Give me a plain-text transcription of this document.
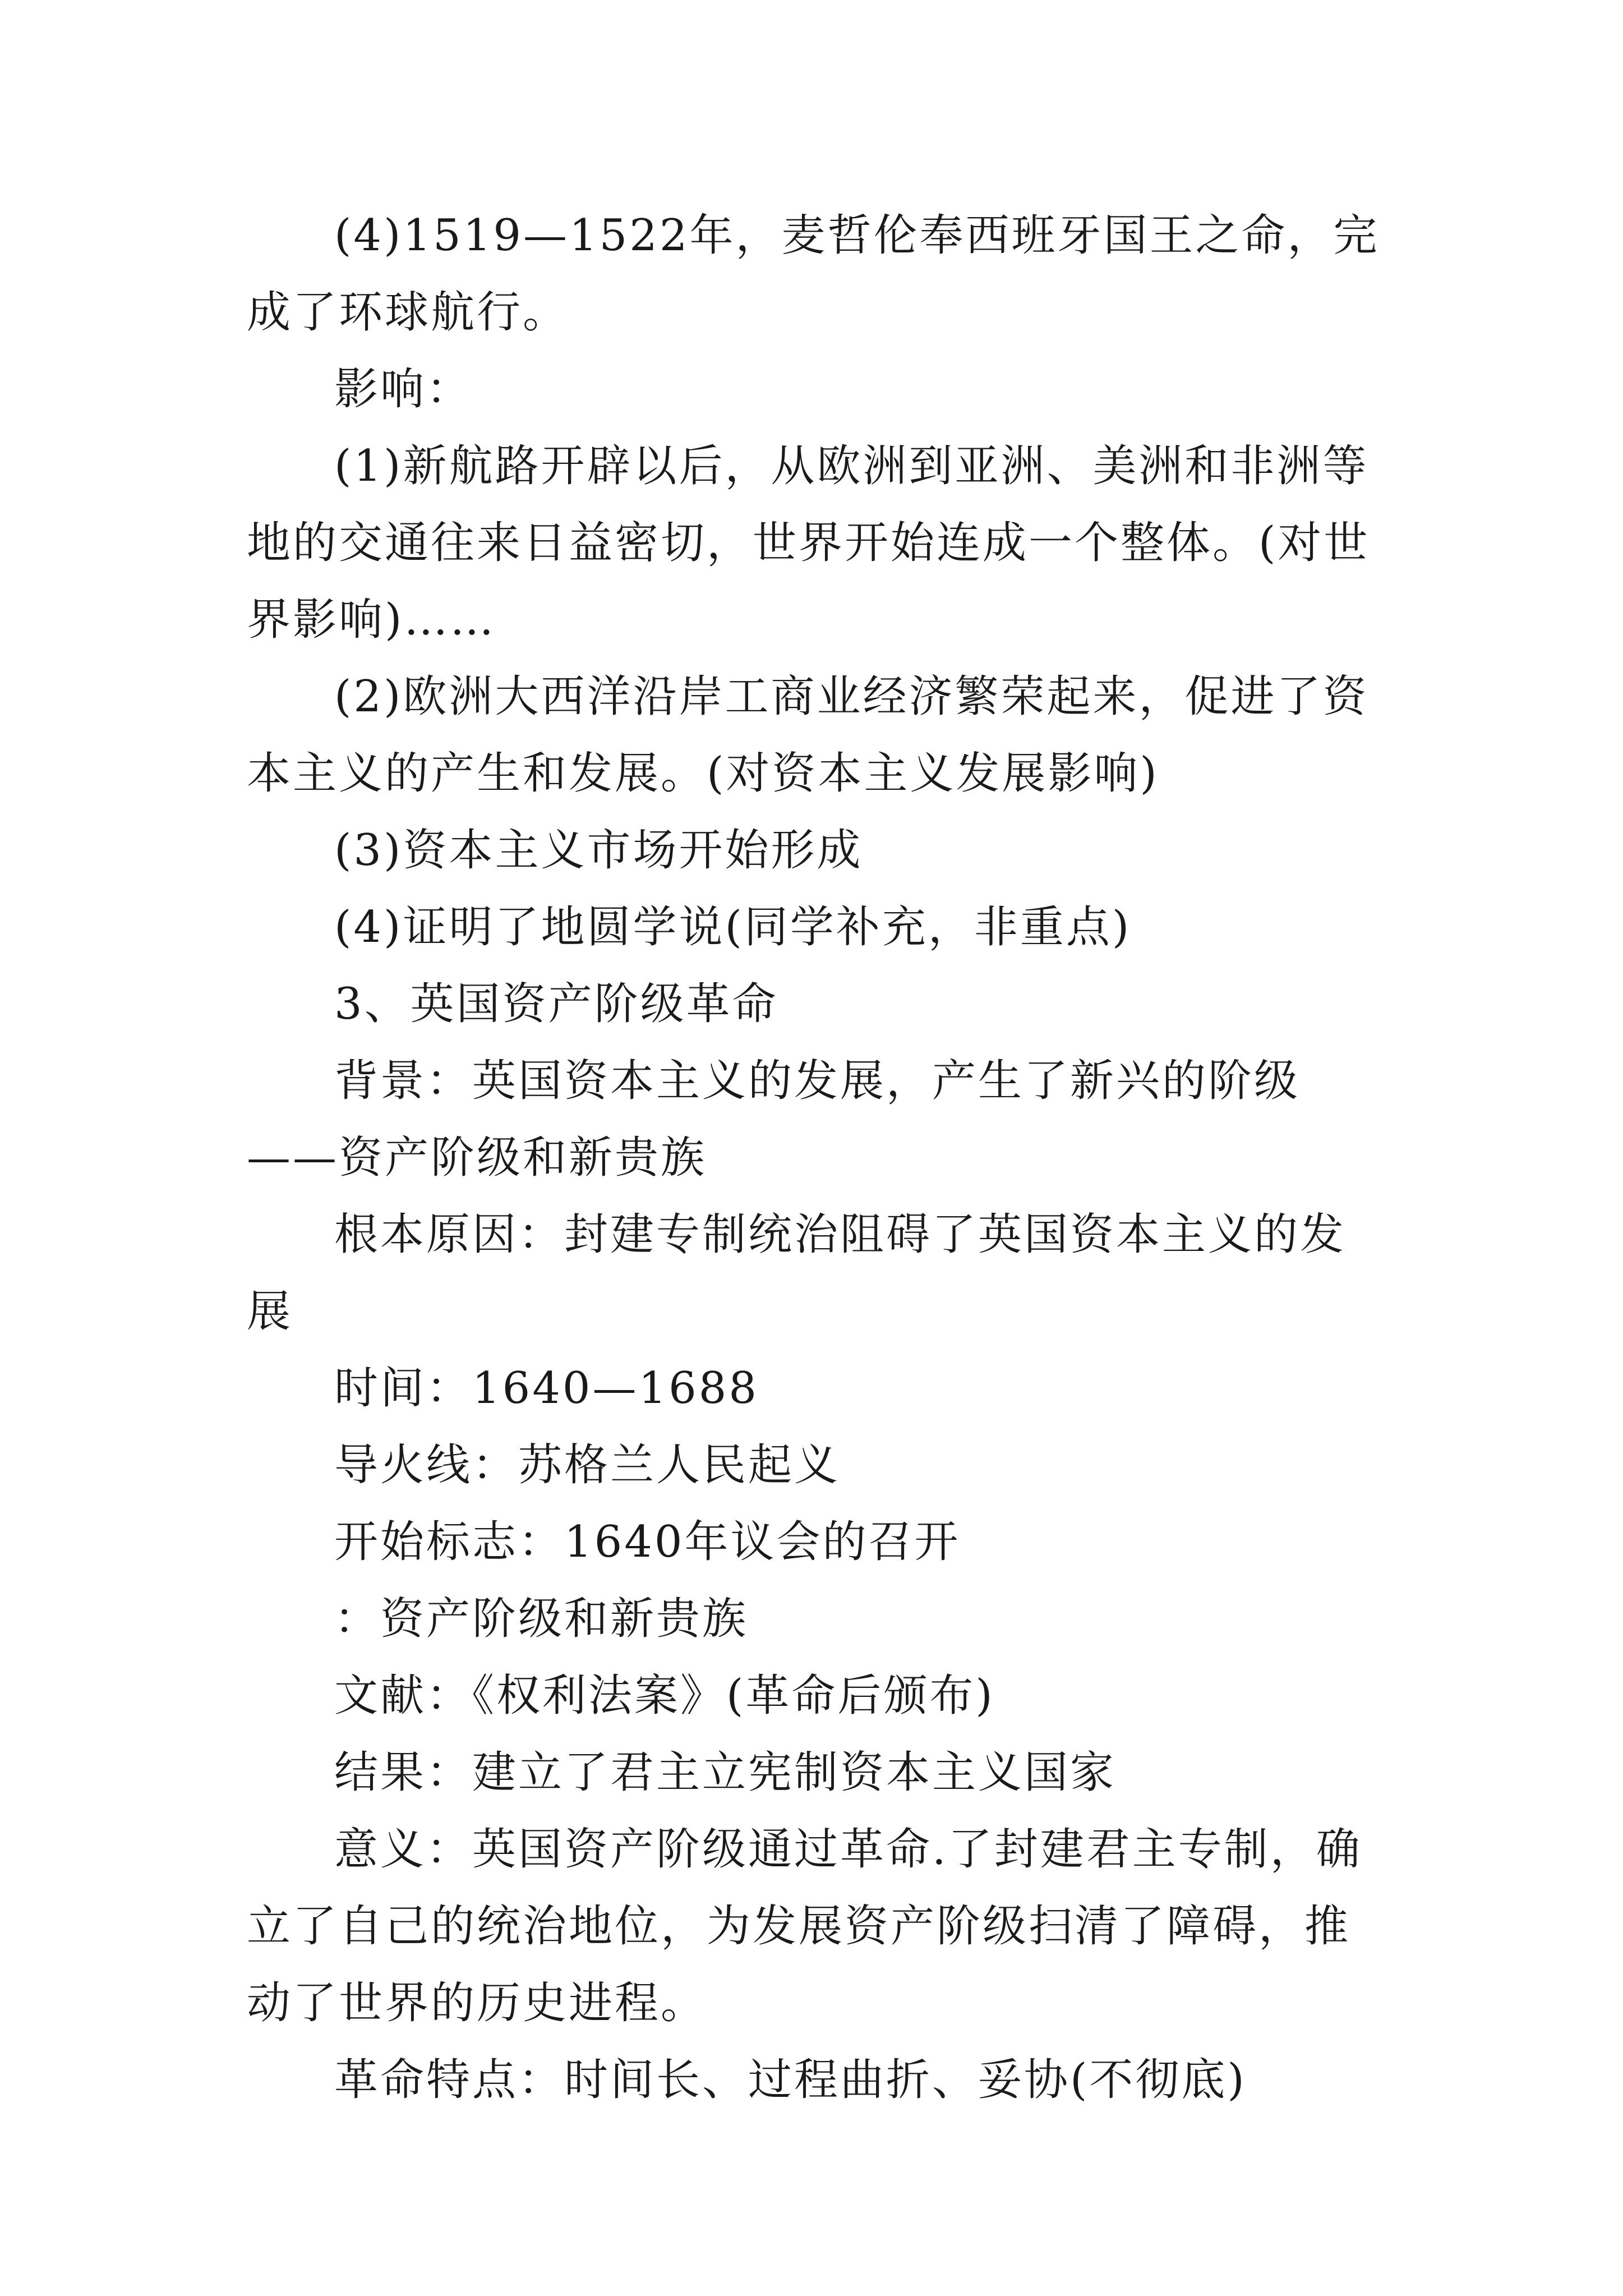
(4)1519—1522年，麦哲伦奉西班牙国王之命，完成了环球航行。

影响：

(1)新航路开辟以后，从欧洲到亚洲、美洲和非洲等地的交通往来日益密切，世界开始连成一个整体。(对世界影响)……

(2)欧洲大西洋沿岸工商业经济繁荣起来，促进了资本主义的产生和发展。(对资本主义发展影响)

(3)资本主义市场开始形成

(4)证明了地圆学说(同学补充，非重点)

3、英国资产阶级革命

背景：英国资本主义的发展，产生了新兴的阶级——资产阶级和新贵族

根本原因：封建专制统治阻碍了英国资本主义的发展

时间：1640—1688

导火线：苏格兰人民起义

开始标志：1640年议会的召开

：资产阶级和新贵族

文献：《权利法案》(革命后颁布)

结果：建立了君主立宪制资本主义国家

意义：英国资产阶级通过革命.了封建君主专制，确立了自己的统治地位，为发展资产阶级扫清了障碍，推动了世界的历史进程。

革命特点：时间长、过程曲折、妥协(不彻底)
